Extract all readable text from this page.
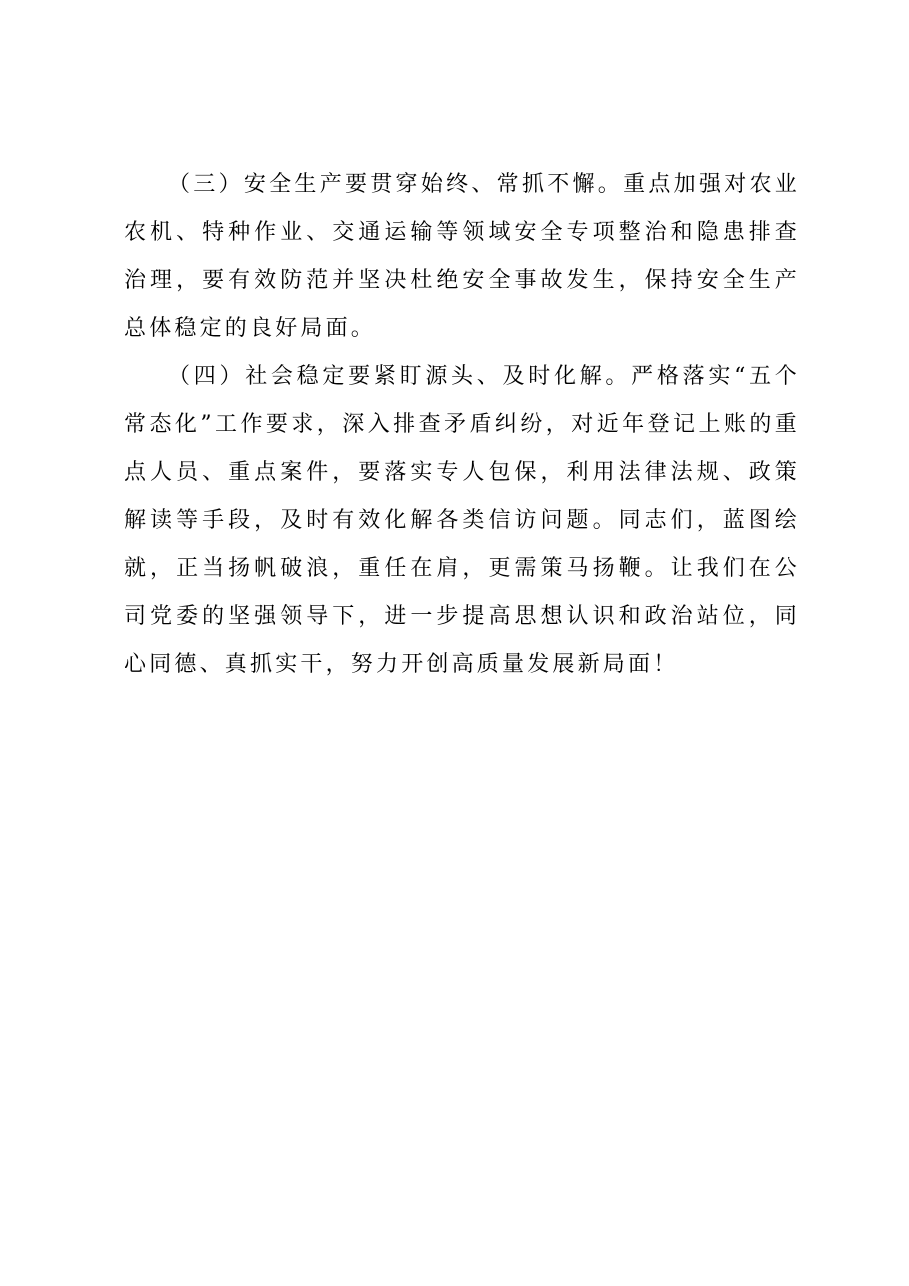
（三）安全生产要贯穿始终、常抓不懈。重点加强对农业农机、特种作业、交通运输等领域安全专项整治和隐患排查治理，要有效防范并坚决杜绝安全事故发生，保持安全生产总体稳定的良好局面。

（四）社会稳定要紧盯源头、及时化解。严格落实“五个常态化”工作要求，深入排查矛盾纠纷，对近年登记上账的重点人员、重点案件，要落实专人包保，利用法律法规、政策解读等手段，及时有效化解各类信访问题。同志们，蓝图绘就，正当扬帆破浪，重任在肩，更需策马扬鞭。让我们在公司党委的坚强领导下，进一步提高思想认识和政治站位，同心同德、真抓实干，努力开创高质量发展新局面！
